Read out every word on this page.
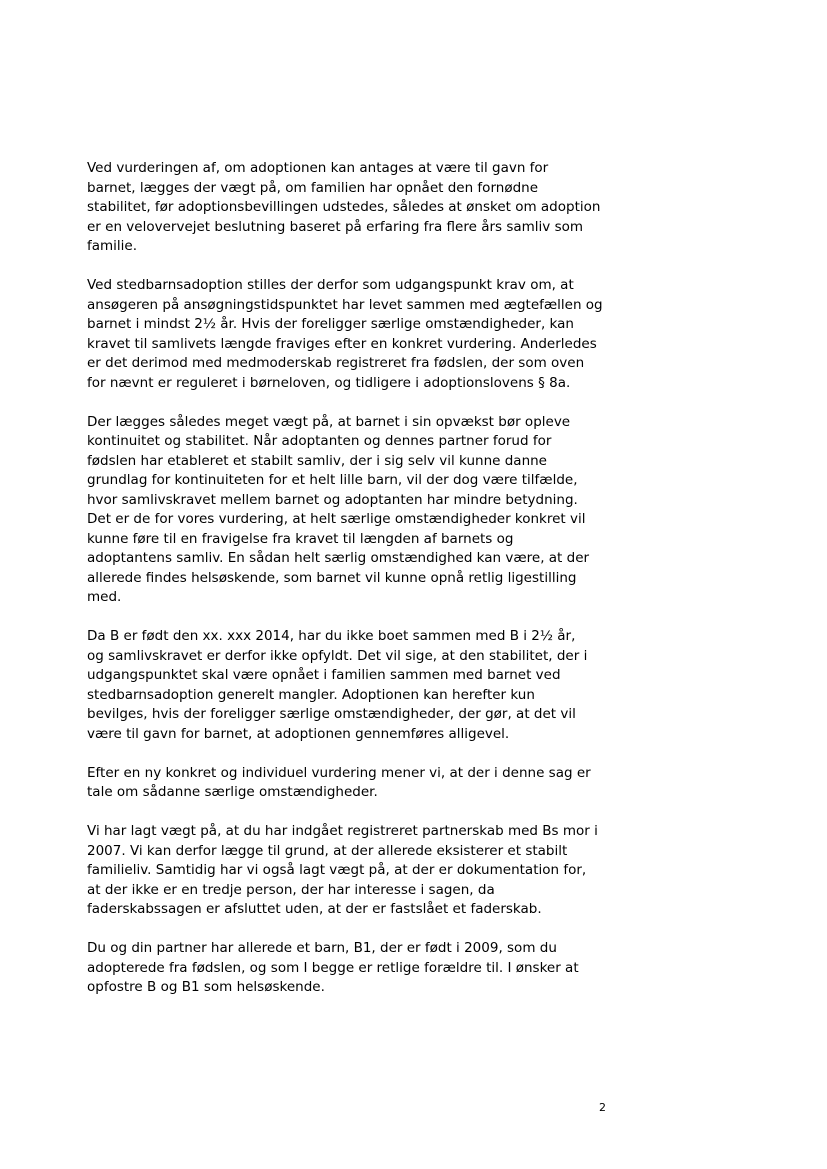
Ved vurderingen af, om adoptionen kan antages at være til gavn for
barnet, lægges der vægt på, om familien har opnået den fornødne
stabilitet, før adoptionsbevillingen udstedes, således at ønsket om adoption
er en velovervejet beslutning baseret på erfaring fra flere års samliv som
familie.

Ved stedbarnsadoption stilles der derfor som udgangspunkt krav om, at
ansøgeren på ansøgningstidspunktet har levet sammen med ægtefællen og
barnet i mindst 2½ år. Hvis der foreligger særlige omstændigheder, kan
kravet til samlivets længde fraviges efter en konkret vurdering. Anderledes
er det derimod med medmoderskab registreret fra fødslen, der som oven
for nævnt er reguleret i børneloven, og tidligere i adoptionslovens § 8a.

Der lægges således meget vægt på, at barnet i sin opvækst bør opleve
kontinuitet og stabilitet. Når adoptanten og dennes partner forud for
fødslen har etableret et stabilt samliv, der i sig selv vil kunne danne
grundlag for kontinuiteten for et helt lille barn, vil der dog være tilfælde,
hvor samlivskravet mellem barnet og adoptanten har mindre betydning.
Det er de for vores vurdering, at helt særlige omstændigheder konkret vil
kunne føre til en fravigelse fra kravet til længden af barnets og
adoptantens samliv. En sådan helt særlig omstændighed kan være, at der
allerede findes helsøskende, som barnet vil kunne opnå retlig ligestilling
med.

Da B er født den xx. xxx 2014, har du ikke boet sammen med B i 2½ år,
og samlivskravet er derfor ikke opfyldt. Det vil sige, at den stabilitet, der i
udgangspunktet skal være opnået i familien sammen med barnet ved
stedbarnsadoption generelt mangler. Adoptionen kan herefter kun
bevilges, hvis der foreligger særlige omstændigheder, der gør, at det vil
være til gavn for barnet, at adoptionen gennemføres alligevel.

Efter en ny konkret og individuel vurdering mener vi, at der i denne sag er
tale om sådanne særlige omstændigheder.

Vi har lagt vægt på, at du har indgået registreret partnerskab med Bs mor i
2007. Vi kan derfor lægge til grund, at der allerede eksisterer et stabilt
familieliv. Samtidig har vi også lagt vægt på, at der er dokumentation for,
at der ikke er en tredje person, der har interesse i sagen, da
faderskabssagen er afsluttet uden, at der er fastslået et faderskab.

Du og din partner har allerede et barn, B1, der er født i 2009, som du
adopterede fra fødslen, og som I begge er retlige forældre til. I ønsker at
opfostre B og B1 som helsøskende.

2
